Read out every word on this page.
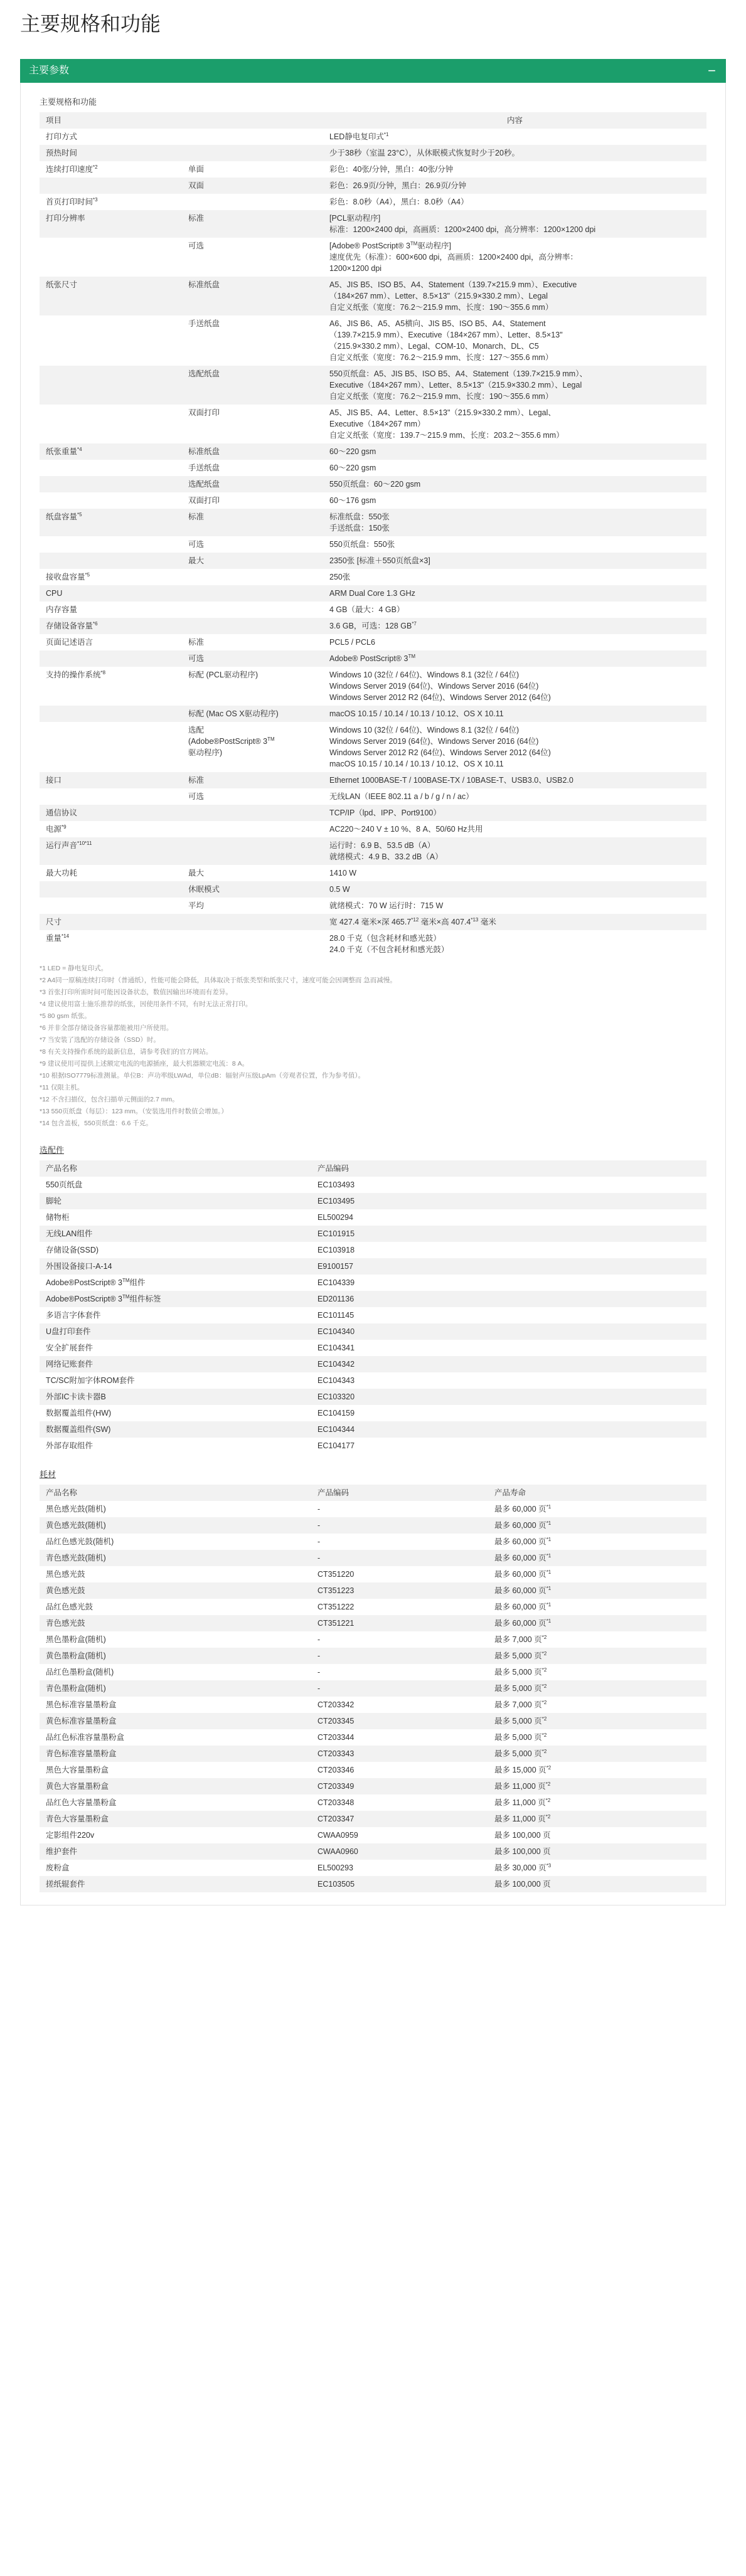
主要规格和功能
主要参数	−
主要规格和功能
项目		内容
打印方式		LED静电复印式$^{*1}$
预热时间		少于38秒（室温 23°C），从休眠模式恢复时少于20秒。
连续打印速度$^{*2}$	单面	彩色：40张/分钟，黑白：40张/分钟
	双面	彩色：26.9页/分钟，黑白：26.9页/分钟
首页打印时间$^{*3}$		彩色：8.0秒（A4），黑白：8.0秒（A4）
打印分辨率	标准	[PCL驱动程序]
标准：1200×2400 dpi，高画质：1200×2400 dpi，高分辨率：1200×1200 dpi
	可选	[Adobe® PostScript® 3™驱动程序]
速度优先（标准）：600×600 dpi，高画质：1200×2400 dpi，高分辨率：
1200×1200 dpi
纸张尺寸	标准纸盘	A5、JIS B5、ISO B5、A4、Statement（139.7×215.9 mm）、Executive
（184×267 mm）、Letter、8.5×13"（215.9×330.2 mm）、Legal
自定义纸张（宽度：76.2～215.9 mm、长度：190～355.6 mm）
	手送纸盘	A6、JIS B6、A5、A5横向、JIS B5、ISO B5、A4、Statement
（139.7×215.9 mm）、Executive（184×267 mm）、Letter、8.5×13"
（215.9×330.2 mm）、Legal、COM-10、Monarch、DL、C5
自定义纸张（宽度：76.2～215.9 mm、长度：127～355.6 mm）
	选配纸盘	550页纸盘：A5、JIS B5、ISO B5、A4、Statement（139.7×215.9 mm）、
Executive（184×267 mm）、Letter、8.5×13"（215.9×330.2 mm）、Legal
自定义纸张（宽度：76.2～215.9 mm、长度：190～355.6 mm）
	双面打印	A5、JIS B5、A4、Letter、8.5×13"（215.9×330.2 mm）、Legal、
Executive（184×267 mm）
自定义纸张（宽度：139.7～215.9 mm、长度：203.2～355.6 mm）
纸张重量$^{*4}$	标准纸盘	60～220 gsm
	手送纸盘	60～220 gsm
	选配纸盘	550页纸盘：60～220 gsm
	双面打印	60～176 gsm
纸盘容量$^{*5}$	标准	标准纸盘：550张
手送纸盘：150张
	可选	550页纸盘：550张
	最大	2350张 [标准＋550页纸盘×3]
接收盘容量$^{*5}$		250张
CPU		ARM Dual Core 1.3 GHz
内存容量		4 GB（最大：4 GB）
存储设备容量$^{*6}$		3.6 GB，可选：128 GB$^{*7}$
页面记述语言	标准	PCL5 / PCL6
	可选	Adobe® PostScript® 3™
支持的操作系统$^{*8}$	标配 (PCL驱动程序)	Windows 10 (32位 / 64位)、Windows 8.1 (32位 / 64位)
Windows Server 2019 (64位)、Windows Server 2016 (64位)
Windows Server 2012 R2 (64位)、Windows Server 2012 (64位)
	标配 (Mac OS X驱动程序)	macOS 10.15 / 10.14 / 10.13 / 10.12、OS X 10.11
	选配
(Adobe®PostScript® 3™
驱动程序)	Windows 10 (32位 / 64位)、Windows 8.1 (32位 / 64位)
Windows Server 2019 (64位)、Windows Server 2016 (64位)
Windows Server 2012 R2 (64位)、Windows Server 2012 (64位)
macOS 10.15 / 10.14 / 10.13 / 10.12、OS X 10.11
接口	标准	Ethernet 1000BASE-T / 100BASE-TX / 10BASE-T、USB3.0、USB2.0
	可选	无线LAN（IEEE 802.11 a / b / g / n / ac）
通信协议		TCP/IP（lpd、IPP、Port9100）
电源$^{*9}$		AC220～240 V ± 10 %、8 A、50/60 Hz共用
运行声音$^{*10*11}$		运行时：6.9 B、53.5 dB（A）
就绪模式：4.9 B、33.2 dB（A）
最大功耗	最大	1410 W
	休眠模式	0.5 W
	平均	就绪模式：70 W 运行时：715 W
尺寸		宽 427.4 毫米×深 465.7$^{*12}$ 毫米×高 407.4$^{*13}$ 毫米
重量$^{*14}$		28.0 千克（包含耗材和感光鼓）
24.0 千克（不包含耗材和感光鼓）
*1 LED = 静电复印式。
*2 A4同一原稿连续打印时（普通纸），性能可能会降低，具体取决于纸张类型和纸张尺寸，速度可能会因调整而 急而减慢。
*3 首张打印所需时间可能因设备状态，数值因输出环境而有差异。
*4 建议使用富士施乐推荐的纸张，因使用条件不同，有时无法正常打印。
*5 80 gsm 纸张。
*6 并非全部存储设备容量都能被用户所使用。
*7 当安装了选配的存储设备（SSD）时。
*8 有关支持操作系统的最新信息，请参考我们的官方网站。
*9 建议使用可提供上述额定电流的电源插座，最大机器额定电流：8 A。
*10 根据ISO7779标准测量。单位B：声功率级LWAd，单位dB：辐射声压级LpAm（旁观者位置，作为参考值）。
*11 仅限主机。
*12 不含扫描仪，包含扫描单元侧面的2.7 mm。
*13 550页纸盘（每层）：123 mm。（安装选用件时数值会增加。）
*14 包含盖板，550页纸盘：6.6 千克。
选配件
产品名称	产品编码
550页纸盘	EC103493
脚轮	EC103495
储物柜	EL500294
无线LAN组件	EC101915
存储设备(SSD)	EC103918
外围设备接口-A-14	E9100157
Adobe®PostScript® 3™组件	EC104339
Adobe®PostScript® 3™组件标签	ED201136
多语言字体套件	EC101145
U盘打印套件	EC104340
安全扩展套件	EC104341
网络记账套件	EC104342
TC/SC附加字体ROM套件	EC104343
外部IC卡读卡器B	EC103320
数据覆盖组件(HW)	EC104159
数据覆盖组件(SW)	EC104344
外部存取组件	EC104177
耗材
产品名称	产品编码	产品寿命
黑色感光鼓(随机)	-	最多 60,000 页$^{*1}$
黄色感光鼓(随机)	-	最多 60,000 页$^{*1}$
品红色感光鼓(随机)	-	最多 60,000 页$^{*1}$
青色感光鼓(随机)	-	最多 60,000 页$^{*1}$
黑色感光鼓	CT351220	最多 60,000 页$^{*1}$
黄色感光鼓	CT351223	最多 60,000 页$^{*1}$
品红色感光鼓	CT351222	最多 60,000 页$^{*1}$
青色感光鼓	CT351221	最多 60,000 页$^{*1}$
黑色墨粉盒(随机)	-	最多 7,000 页$^{*2}$
黄色墨粉盒(随机)	-	最多 5,000 页$^{*2}$
品红色墨粉盒(随机)	-	最多 5,000 页$^{*2}$
青色墨粉盒(随机)	-	最多 5,000 页$^{*2}$
黑色标准容量墨粉盒	CT203342	最多 7,000 页$^{*2}$
黄色标准容量墨粉盒	CT203345	最多 5,000 页$^{*2}$
品红色标准容量墨粉盒	CT203344	最多 5,000 页$^{*2}$
青色标准容量墨粉盒	CT203343	最多 5,000 页$^{*2}$
黑色大容量墨粉盒	CT203346	最多 15,000 页$^{*2}$
黄色大容量墨粉盒	CT203349	最多 11,000 页$^{*2}$
品红色大容量墨粉盒	CT203348	最多 11,000 页$^{*2}$
青色大容量墨粉盒	CT203347	最多 11,000 页$^{*2}$
定影组件220v	CWAA0959	最多 100,000 页
维护套件	CWAA0960	最多 100,000 页
废粉盒	EL500293	最多 30,000 页$^{*3}$
搓纸辊套件	EC103505	最多 100,000 页
